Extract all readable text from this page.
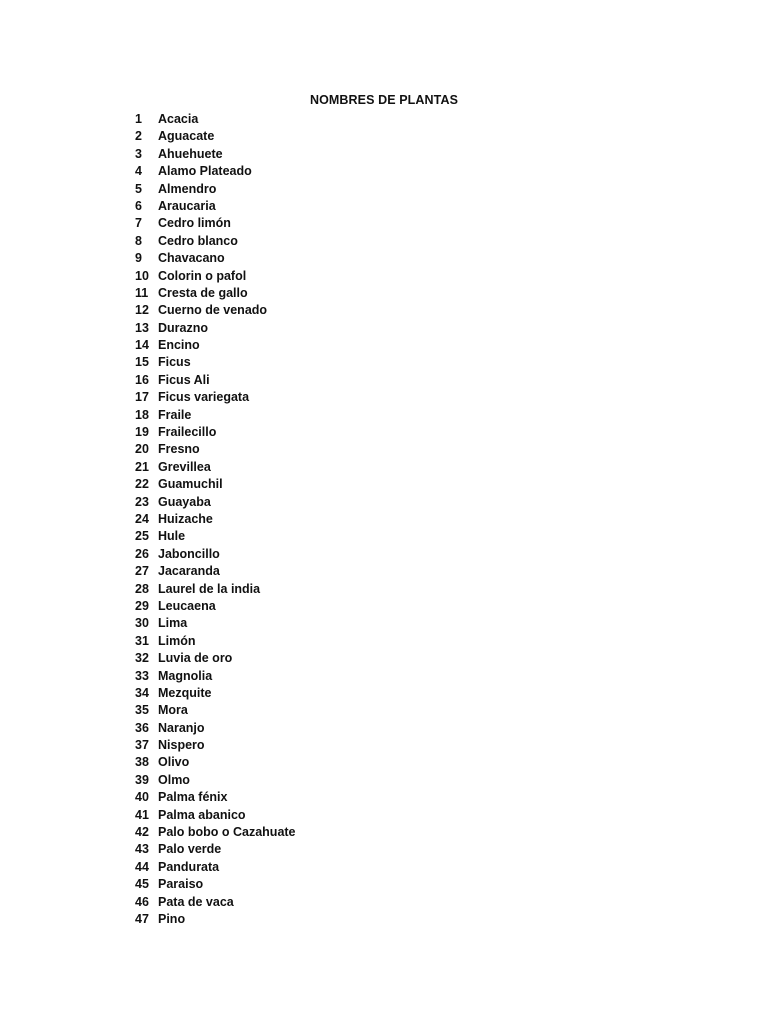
NOMBRES DE PLANTAS
1	Acacia
2	Aguacate
3	Ahuehuete
4	Alamo Plateado
5	Almendro
6	Araucaria
7	Cedro limón
8	Cedro blanco
9	Chavacano
10 Colorin o pafol
11 Cresta de gallo
12 Cuerno de venado
13 Durazno
14 Encino
15 Ficus
16 Ficus Ali
17 Ficus variegata
18 Fraile
19 Frailecillo
20 Fresno
21 Grevillea
22 Guamuchil
23 Guayaba
24 Huizache
25 Hule
26 Jaboncillo
27 Jacaranda
28 Laurel de la india
29 Leucaena
30 Lima
31 Limón
32 Luvia de oro
33 Magnolia
34 Mezquite
35 Mora
36 Naranjo
37 Nispero
38 Olivo
39 Olmo
40 Palma fénix
41 Palma abanico
42 Palo bobo o Cazahuate
43 Palo verde
44 Pandurata
45 Paraiso
46 Pata de vaca
47 Pino
